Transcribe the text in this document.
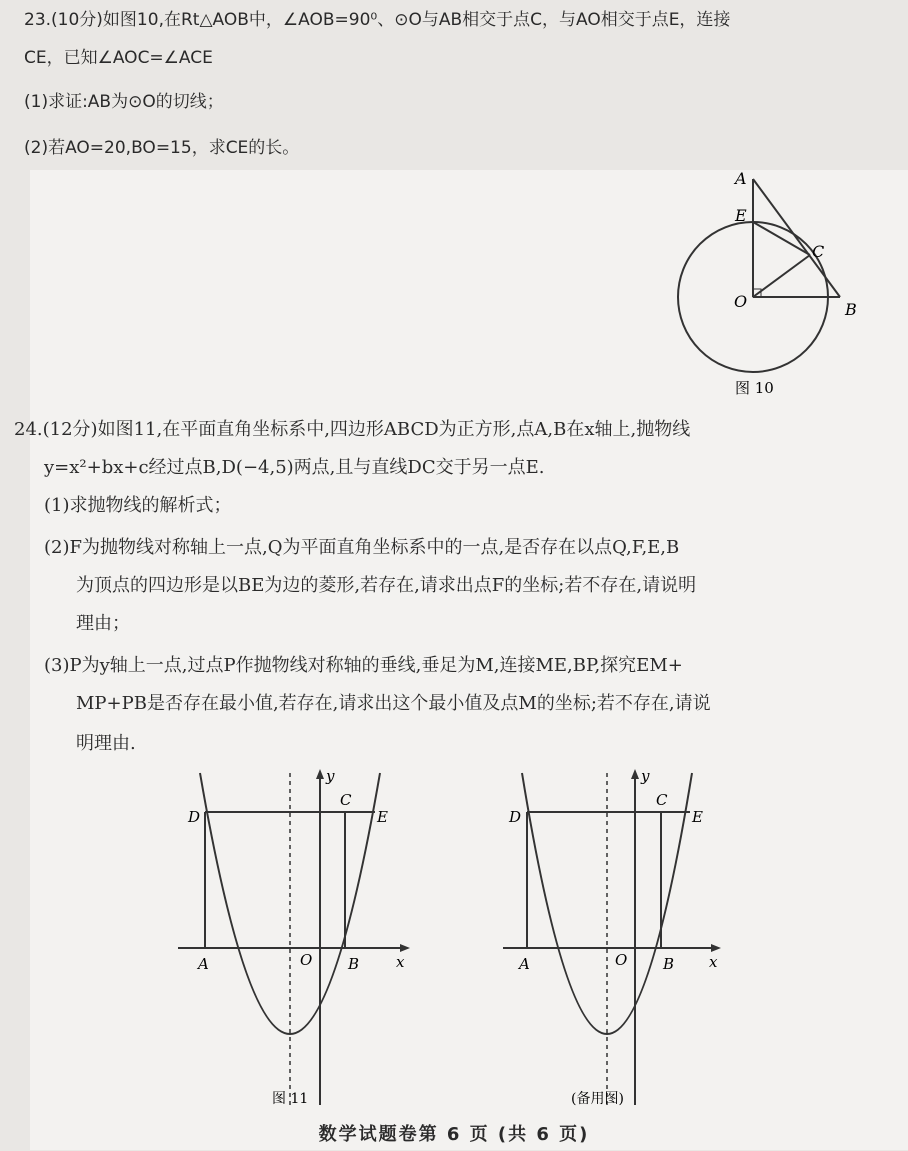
23.(10分)如图10,在Rt△AOB中，∠AOB=90⁰、⊙O与AB相交于点C，与AO相交于点E，连接
CE，已知∠AOC=∠ACE
(1)求证:AB为⊙O的切线；
(2)若AO=20,BO=15，求CE的长。
A
E
C
O	B
图 10
24.(12分)如图11,在平面直角坐标系中,四边形ABCD为正方形,点A,B在x轴上,抛物线
y=x²+bx+c经过点B,D(−4,5)两点,且与直线DC交于另一点E.
(1)求抛物线的解析式；
(2)F为抛物线对称轴上一点,Q为平面直角坐标系中的一点,是否存在以点Q,F,E,B
为顶点的四边形是以BE为边的菱形,若存在,请求出点F的坐标;若不存在,请说明
理由；
(3)P为y轴上一点,过点P作抛物线对称轴的垂线,垂足为M,连接ME,BP,探究EM+
MP+PB是否存在最小值,若存在,请求出这个最小值及点M的坐标;若不存在,请说
明理由.
D
C
E
A	O B x
y
图 11
D
C
E
A	O B x
y
(备用图)
数学试题卷第 6 页 (共 6 页)
